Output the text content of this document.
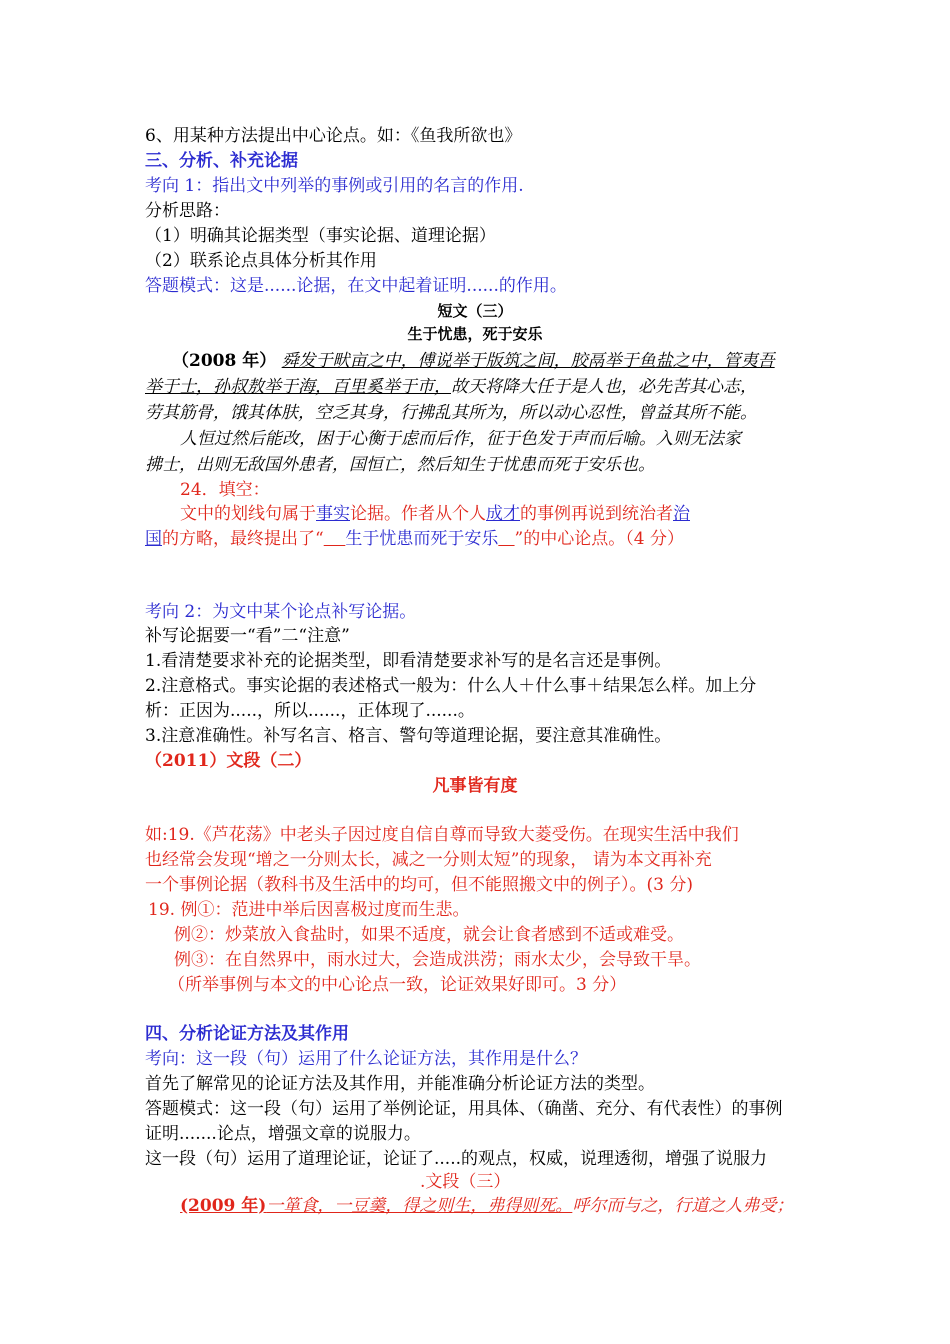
6、用某种方法提出中心论点。如：《鱼我所欲也》
三、分析、补充论据
考向 1：指出文中列举的事例或引用的名言的作用.
分析思路：
（1）明确其论据类型（事实论据、道理论据）
（2）联系论点具体分析其作用
答题模式：这是......论据，在文中起着证明......的作用。
短文（三）
生于忧患，死于安乐
（2008 年） 舜发于畎亩之中，傅说举于版筑之间，胶鬲举于鱼盐之中，管夷吾
举于士，孙叔敖举于海，百里奚举于市，故天将降大任于是人也，必先苦其心志，
劳其筋骨，饿其体肤，空乏其身，行拂乱其所为，所以动心忍性，曾益其所不能。
人恒过然后能改，困于心衡于虑而后作，征于色发于声而后喻。入则无法家
拂士，出则无敌国外患者，国恒亡，然后知生于忧患而死于安乐也。
24．填空：
文中的划线句属于事实论据。作者从个人成才的事例再说到统治者治
国的方略，最终提出了“ 生于忧患而死于安乐 ”的中心论点。（4 分）
考向 2：为文中某个论点补写论据。
补写论据要一“看”二“注意”
1.看清楚要求补充的论据类型，即看清楚要求补写的是名言还是事例。
2.注意格式。事实论据的表述格式一般为：什么人＋什么事＋结果怎么样。加上分
析：正因为.....，所以......，正体现了......。
3.注意准确性。补写名言、格言、警句等道理论据，要注意其准确性。
（2011）文段（二）
凡事皆有度
如:19.《芦花荡》中老头子因过度自信自尊而导致大菱受伤。在现实生活中我们
也经常会发现“增之一分则太长，减之一分则太短”的现象， 请为本文再补充
一个事例论据（教科书及生活中的均可，但不能照搬文中的例子）。(3 分)
19. 例①：范进中举后因喜极过度而生悲。
例②：炒菜放入食盐时，如果不适度，就会让食者感到不适或难受。
例③：在自然界中，雨水过大，会造成洪涝；雨水太少，会导致干旱。
（所举事例与本文的中心论点一致，论证效果好即可。3 分）
四、分析论证方法及其作用
考向：这一段（句）运用了什么论证方法，其作用是什么？
首先了解常见的论证方法及其作用，并能准确分析论证方法的类型。
答题模式：这一段（句）运用了举例论证，用具体、（确凿、充分、有代表性）的事例
证明.......论点，增强文章的说服力。
这一段（句）运用了道理论证，论证了.....的观点，权威，说理透彻，增强了说服力
.文段（三）
(2009 年)一箪食，一豆羹，得之则生，弗得则死。呼尔而与之，行道之人弗受；
